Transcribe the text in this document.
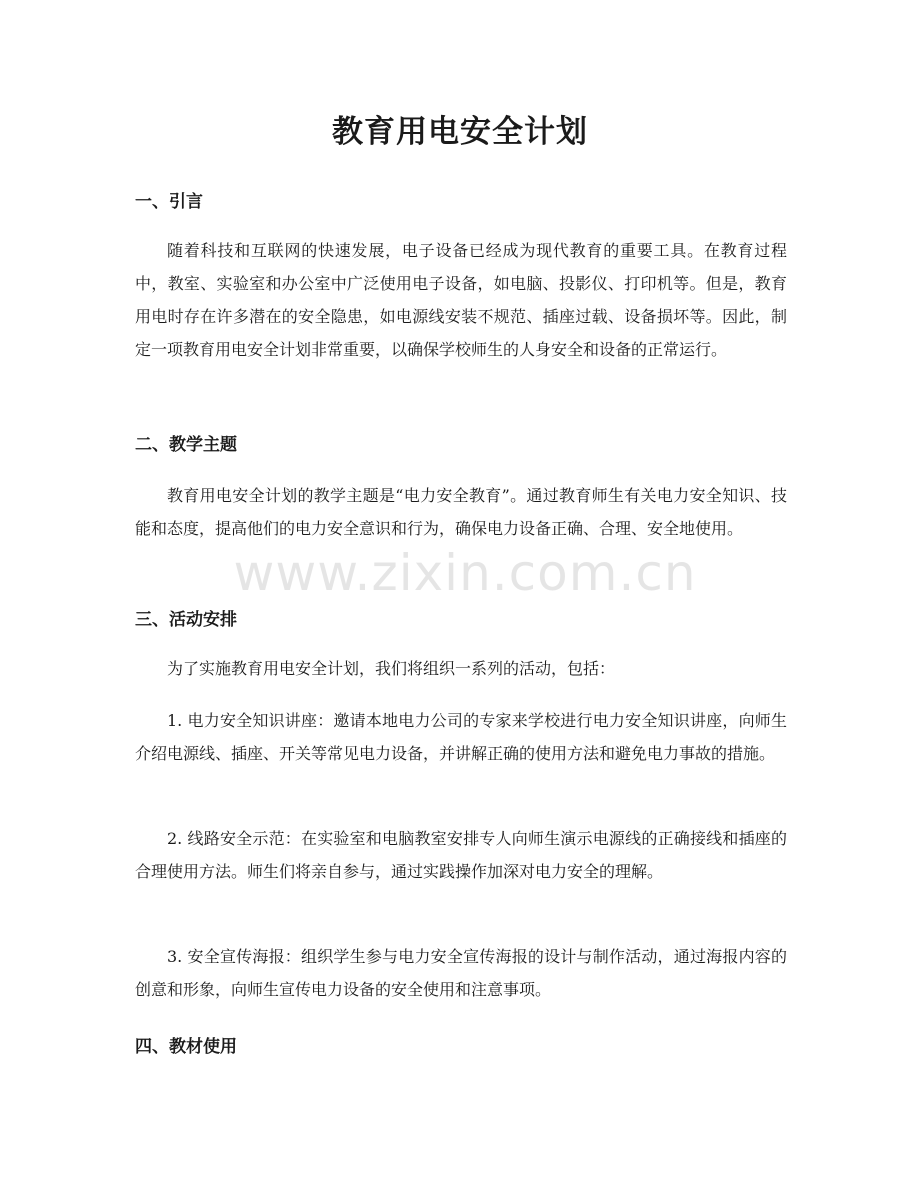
教育用电安全计划
一、引言
随着科技和互联网的快速发展，电子设备已经成为现代教育的重要工具。在教育过程中，教室、实验室和办公室中广泛使用电子设备，如电脑、投影仪、打印机等。但是，教育用电时存在许多潜在的安全隐患，如电源线安装不规范、插座过载、设备损坏等。因此，制定一项教育用电安全计划非常重要，以确保学校师生的人身安全和设备的正常运行。
二、教学主题
教育用电安全计划的教学主题是“电力安全教育”。通过教育师生有关电力安全知识、技能和态度，提高他们的电力安全意识和行为，确保电力设备正确、合理、安全地使用。
三、活动安排
为了实施教育用电安全计划，我们将组织一系列的活动，包括：
1. 电力安全知识讲座：邀请本地电力公司的专家来学校进行电力安全知识讲座，向师生介绍电源线、插座、开关等常见电力设备，并讲解正确的使用方法和避免电力事故的措施。
2. 线路安全示范：在实验室和电脑教室安排专人向师生演示电源线的正确接线和插座的合理使用方法。师生们将亲自参与，通过实践操作加深对电力安全的理解。
3. 安全宣传海报：组织学生参与电力安全宣传海报的设计与制作活动，通过海报内容的创意和形象，向师生宣传电力设备的安全使用和注意事项。
四、教材使用
www.zixin.com.cn
